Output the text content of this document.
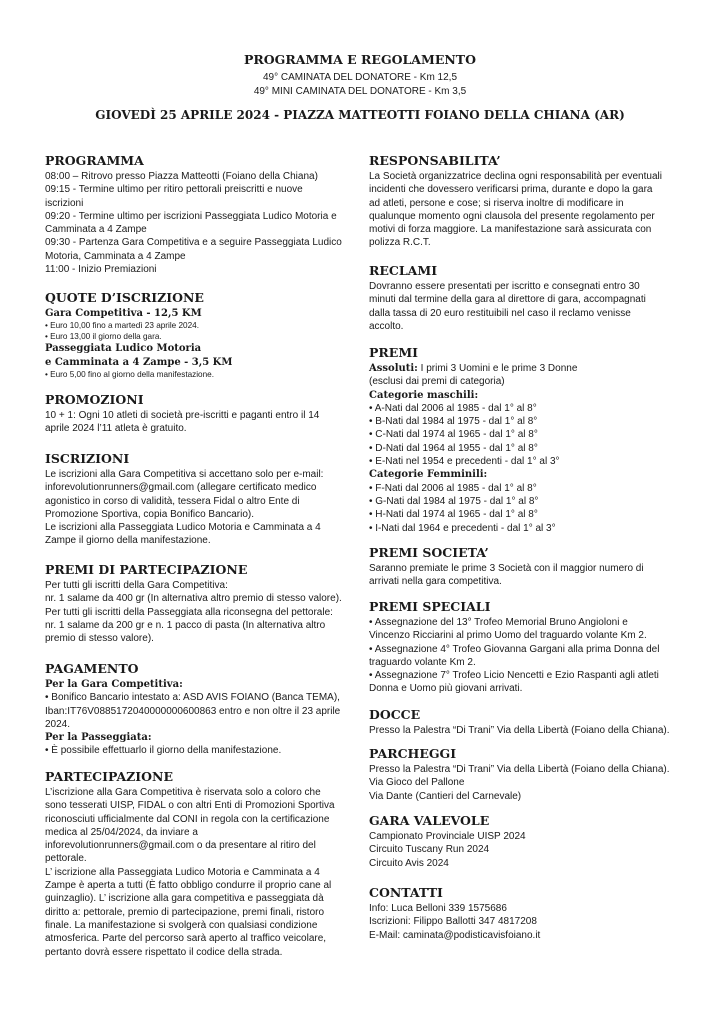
PROGRAMMA E REGOLAMENTO
49° CAMINATA DEL DONATORE - Km 12,5
49° MINI CAMINATA DEL DONATORE - Km 3,5
GIOVEDÌ 25 APRILE 2024 - PIAZZA MATTEOTTI FOIANO DELLA CHIANA (AR)
PROGRAMMA
08:00 – Ritrovo presso Piazza Matteotti (Foiano della Chiana)
09:15 - Termine ultimo per ritiro pettorali preiscritti e nuove
iscrizioni
09:20 - Termine ultimo per iscrizioni Passeggiata Ludico Motoria e
Camminata a 4 Zampe
09:30 - Partenza Gara Competitiva e a seguire Passeggiata Ludico
Motoria, Camminata a 4 Zampe
11:00 - Inizio Premiazioni
QUOTE D’ISCRIZIONE
Gara Competitiva - 12,5 KM
• Euro 10,00 fino a martedì 23 aprile 2024.
• Euro 13,00 il giorno della gara.
Passeggiata Ludico Motoria
e Camminata a 4 Zampe - 3,5 KM
• Euro 5,00 fino al giorno della manifestazione.
PROMOZIONI
10 + 1: Ogni 10 atleti di società pre-iscritti e paganti entro il 14
aprile 2024 l’11 atleta è gratuito.
ISCRIZIONI
Le iscrizioni alla Gara Competitiva si accettano solo per e-mail:
inforevolutionrunners@gmail.com (allegare certificato medico
agonistico in corso di validità, tessera Fidal o altro Ente di
Promozione Sportiva, copia Bonifico Bancario).
Le iscrizioni alla Passeggiata Ludico Motoria e Camminata a 4
Zampe il giorno della manifestazione.
PREMI DI PARTECIPAZIONE
Per tutti gli iscritti della Gara Competitiva:
nr. 1 salame da 400 gr (In alternativa altro premio di stesso valore).
Per tutti gli iscritti della Passeggiata alla riconsegna del pettorale:
nr. 1 salame da 200 gr e n. 1 pacco di pasta (In alternativa altro
premio di stesso valore).
PAGAMENTO
Per la Gara Competitiva:
• Bonifico Bancario intestato a: ASD AVIS FOIANO (Banca TEMA),
Iban:IT76V0885172040000000600863 entro e non oltre il 23 aprile
2024.
Per la Passeggiata:
• È possibile effettuarlo il giorno della manifestazione.
PARTECIPAZIONE
L’iscrizione alla Gara Competitiva è riservata solo a coloro che
sono tesserati UISP, FIDAL o con altri Enti di Promozioni Sportiva
riconosciuti ufficialmente dal CONI in regola con la certificazione
medica al 25/04/2024, da inviare a
inforevolutionrunners@gmail.com o da presentare al ritiro del
pettorale.
L’ iscrizione alla Passeggiata Ludico Motoria e Camminata a 4
Zampe è aperta a tutti (È fatto obbligo condurre il proprio cane al
guinzaglio). L’ iscrizione alla gara competitiva e passeggiata dà
diritto a: pettorale, premio di partecipazione, premi finali, ristoro
finale. La manifestazione si svolgerà con qualsiasi condizione
atmosferica. Parte del percorso sarà aperto al traffico veicolare,
pertanto dovrà essere rispettato il codice della strada.
RESPONSABILITA’
La Società organizzatrice declina ogni responsabilità per eventuali
incidenti che dovessero verificarsi prima, durante e dopo la gara
ad atleti, persone e cose; si riserva inoltre di modificare in
qualunque momento ogni clausola del presente regolamento per
motivi di forza maggiore. La manifestazione sarà assicurata con
polizza R.C.T.
RECLAMI
Dovranno essere presentati per iscritto e consegnati entro 30
minuti dal termine della gara al direttore di gara, accompagnati
dalla tassa di 20 euro restituibili nel caso il reclamo venisse
accolto.
PREMI
Assoluti: I primi 3 Uomini e le prime 3 Donne
(esclusi dai premi di categoria)
Categorie maschili:
• A-Nati dal 2006 al 1985 - dal 1° al 8°
• B-Nati dal 1984 al 1975 - dal 1° al 8°
• C-Nati dal 1974 al 1965 - dal 1° al 8°
• D-Nati dal 1964 al 1955 - dal 1° al 8°
• E-Nati nel 1954 e precedenti - dal 1° al 3°
Categorie Femminili:
• F-Nati dal 2006 al 1985 - dal 1° al 8°
• G-Nati dal 1984 al 1975 - dal 1° al 8°
• H-Nati dal 1974 al 1965 - dal 1° al 8°
• I-Nati dal 1964 e precedenti - dal 1° al 3°
PREMI SOCIETA’
Saranno premiate le prime 3 Società con il maggior numero di
arrivati nella gara competitiva.
PREMI SPECIALI
• Assegnazione del 13° Trofeo Memorial Bruno Angioloni e
Vincenzo Ricciarini al primo Uomo del traguardo volante Km 2.
• Assegnazione 4° Trofeo Giovanna Gargani alla prima Donna del
traguardo volante Km 2.
• Assegnazione 7° Trofeo Licio Nencetti e Ezio Raspanti agli atleti
Donna e Uomo più giovani arrivati.
DOCCE
Presso la Palestra “Di Trani” Via della Libertà (Foiano della Chiana).
PARCHEGGI
Presso la Palestra “Di Trani” Via della Libertà (Foiano della Chiana).
Via Gioco del Pallone
Via Dante (Cantieri del Carnevale)
GARA VALEVOLE
Campionato Provinciale UISP 2024
Circuito Tuscany Run 2024
Circuito Avis 2024
CONTATTI
Info: Luca Belloni 339 1575686
Iscrizioni: Filippo Ballotti 347 4817208
E-Mail: caminata@podisticavisfoiano.it
